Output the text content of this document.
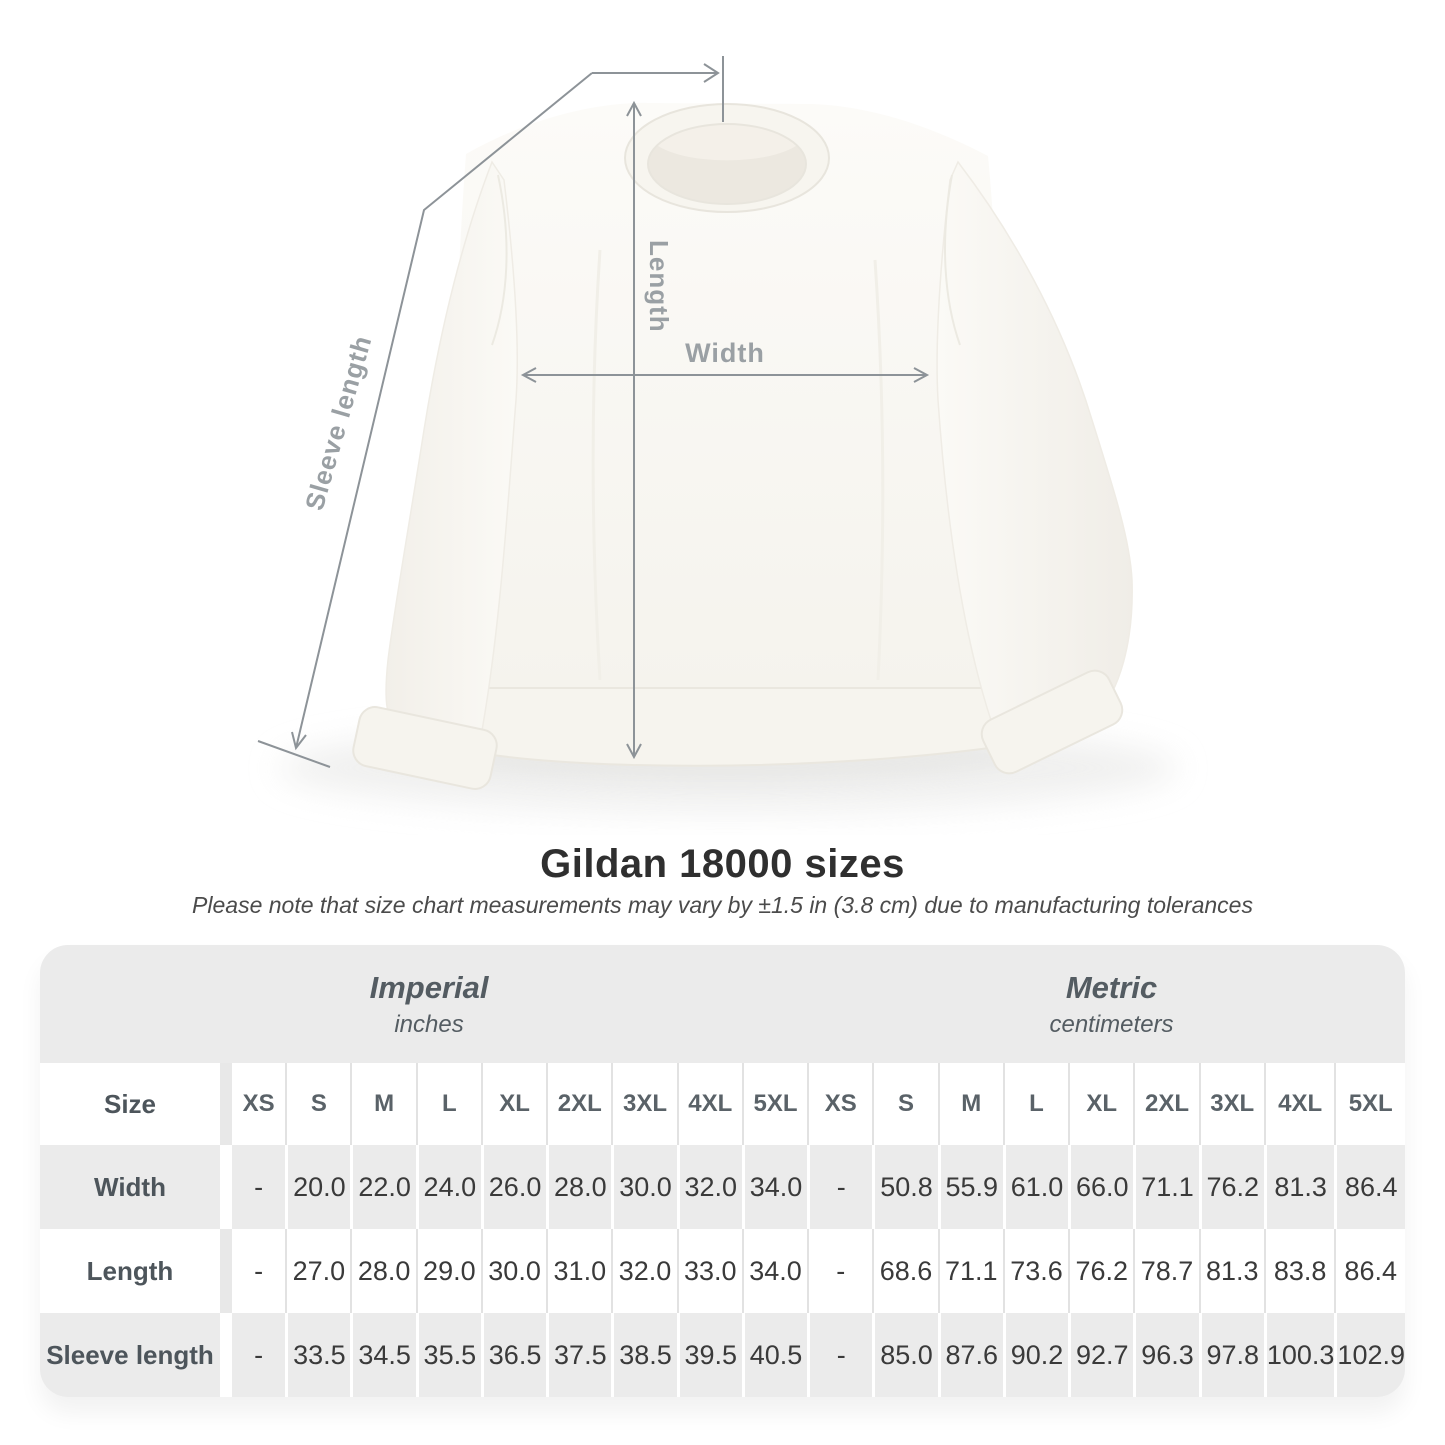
Length
Width
Sleeve length
Gildan 18000 sizes
Please note that size chart measurements may vary by ±1.5 in (3.8 cm) due to manufacturing tolerances
Imperial
inches
Metric
centimeters
Size	XS	S	M	L	XL	2XL 3XL 4XL 5XL	XS	S	M	L	XL	2XL 3XL 4XL	5XL
Width	-	20.0 22.0 24.0 26.0 28.0 30.0 32.0 34.0	-	50.8 55.9 61.0 66.0 71.1 76.2 81.3 86.4
Length	-	27.0 28.0 29.0 30.0 31.0 32.0 33.0 34.0	-	68.6 71.1 73.6 76.2 78.7 81.3 83.8 86.4
Sleeve length	-	33.5 34.5 35.5 36.5 37.5 38.5 39.5 40.5	-	85.0 87.6 90.2 92.7 96.3 97.8 100.3 102.9
